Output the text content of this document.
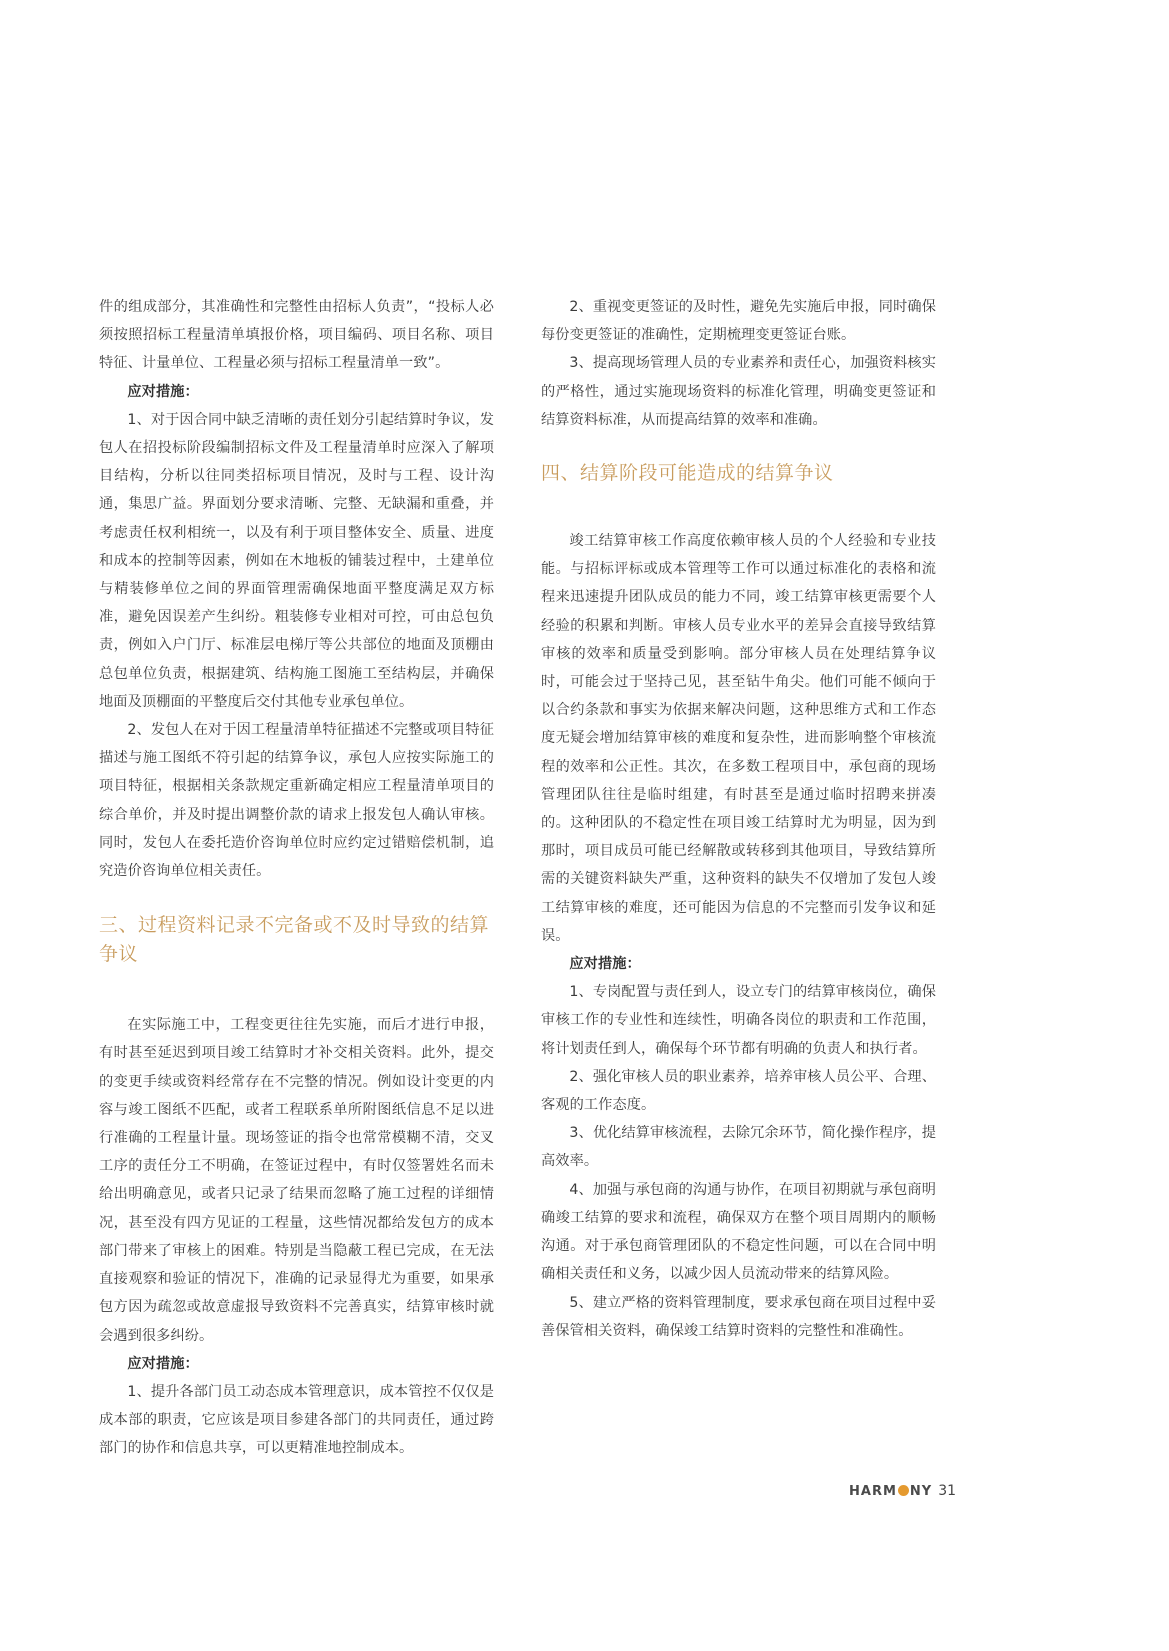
件的组成部分，其准确性和完整性由招标人负责”，“投标人必须按照招标工程量清单填报价格，项目编码、项目名称、项目特征、计量单位、工程量必须与招标工程量清单一致”。

应对措施：

1、对于因合同中缺乏清晰的责任划分引起结算时争议，发包人在招投标阶段编制招标文件及工程量清单时应深入了解项目结构，分析以往同类招标项目情况，及时与工程、设计沟通，集思广益。界面划分要求清晰、完整、无缺漏和重叠，并考虑责任权利相统一，以及有利于项目整体安全、质量、进度和成本的控制等因素，例如在木地板的铺装过程中，土建单位与精装修单位之间的界面管理需确保地面平整度满足双方标准，避免因误差产生纠纷。粗装修专业相对可控，可由总包负责，例如入户门厅、标准层电梯厅等公共部位的地面及顶棚由总包单位负责，根据建筑、结构施工图施工至结构层，并确保地面及顶棚面的平整度后交付其他专业承包单位。

2、发包人在对于因工程量清单特征描述不完整或项目特征描述与施工图纸不符引起的结算争议，承包人应按实际施工的项目特征，根据相关条款规定重新确定相应工程量清单项目的综合单价，并及时提出调整价款的请求上报发包人确认审核。同时，发包人在委托造价咨询单位时应约定过错赔偿机制，追究造价咨询单位相关责任。

三、过程资料记录不完备或不及时导致的结算争议

在实际施工中，工程变更往往先实施，而后才进行申报，有时甚至延迟到项目竣工结算时才补交相关资料。此外，提交的变更手续或资料经常存在不完整的情况。例如设计变更的内容与竣工图纸不匹配，或者工程联系单所附图纸信息不足以进行准确的工程量计量。现场签证的指令也常常模糊不清，交叉工序的责任分工不明确，在签证过程中，有时仅签署姓名而未给出明确意见，或者只记录了结果而忽略了施工过程的详细情况，甚至没有四方见证的工程量，这些情况都给发包方的成本部门带来了审核上的困难。特别是当隐蔽工程已完成，在无法直接观察和验证的情况下，准确的记录显得尤为重要，如果承包方因为疏忽或故意虚报导致资料不完善真实，结算审核时就会遇到很多纠纷。

应对措施：

1、提升各部门员工动态成本管理意识，成本管控不仅仅是成本部的职责，它应该是项目参建各部门的共同责任，通过跨部门的协作和信息共享，可以更精准地控制成本。

2、重视变更签证的及时性，避免先实施后申报，同时确保每份变更签证的准确性，定期梳理变更签证台账。

3、提高现场管理人员的专业素养和责任心，加强资料核实的严格性，通过实施现场资料的标准化管理，明确变更签证和结算资料标准，从而提高结算的效率和准确。

四、结算阶段可能造成的结算争议

竣工结算审核工作高度依赖审核人员的个人经验和专业技能。与招标评标或成本管理等工作可以通过标准化的表格和流程来迅速提升团队成员的能力不同，竣工结算审核更需要个人经验的积累和判断。审核人员专业水平的差异会直接导致结算审核的效率和质量受到影响。部分审核人员在处理结算争议时，可能会过于坚持己见，甚至钻牛角尖。他们可能不倾向于以合约条款和事实为依据来解决问题，这种思维方式和工作态度无疑会增加结算审核的难度和复杂性，进而影响整个审核流程的效率和公正性。其次，在多数工程项目中，承包商的现场管理团队往往是临时组建，有时甚至是通过临时招聘来拼凑的。这种团队的不稳定性在项目竣工结算时尤为明显，因为到那时，项目成员可能已经解散或转移到其他项目，导致结算所需的关键资料缺失严重，这种资料的缺失不仅增加了发包人竣工结算审核的难度，还可能因为信息的不完整而引发争议和延误。

应对措施：

1、专岗配置与责任到人，设立专门的结算审核岗位，确保审核工作的专业性和连续性，明确各岗位的职责和工作范围，将计划责任到人，确保每个环节都有明确的负责人和执行者。

2、强化审核人员的职业素养，培养审核人员公平、合理、客观的工作态度。

3、优化结算审核流程，去除冗余环节，简化操作程序，提高效率。

4、加强与承包商的沟通与协作，在项目初期就与承包商明确竣工结算的要求和流程，确保双方在整个项目周期内的顺畅沟通。对于承包商管理团队的不稳定性问题，可以在合同中明确相关责任和义务，以减少因人员流动带来的结算风险。

5、建立严格的资料管理制度，要求承包商在项目过程中妥善保管相关资料，确保竣工结算时资料的完整性和准确性。

HARM NY 31
